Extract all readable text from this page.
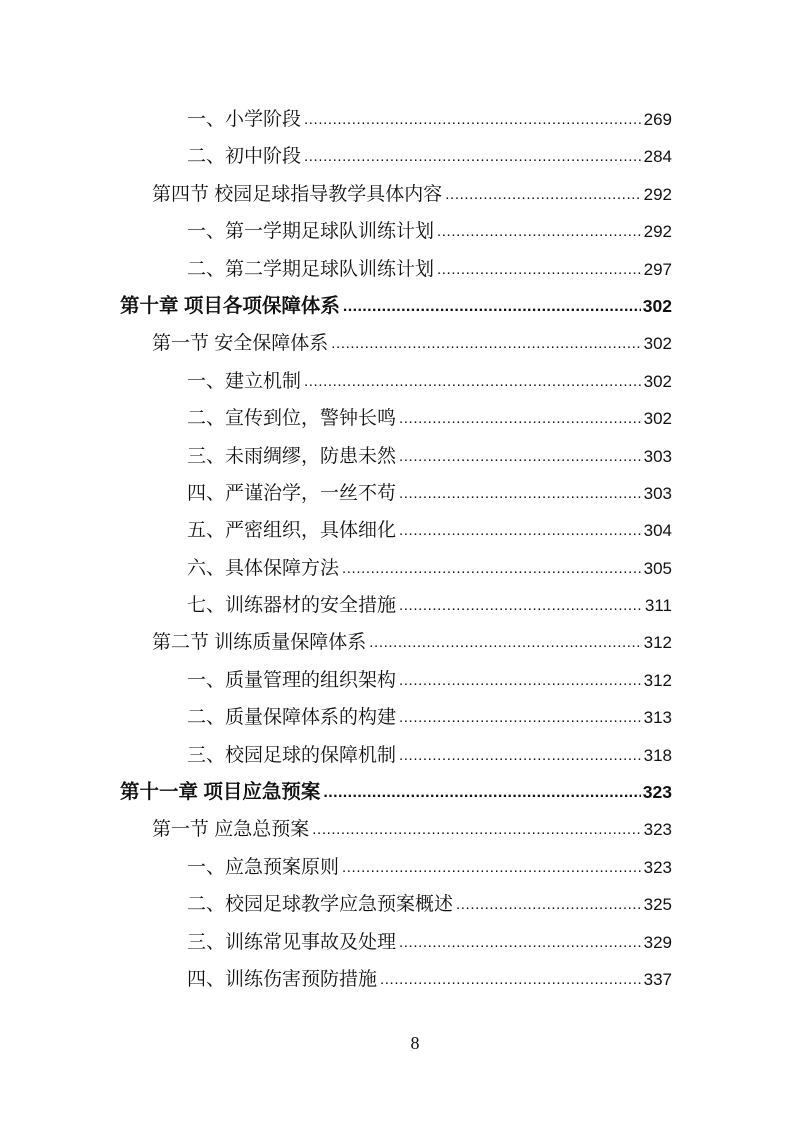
一、小学阶段 .....	269
二、初中阶段 .....	284
第四节 校园足球指导教学具体内容 .....	292
一、第一学期足球队训练计划 .....	292
二、第二学期足球队训练计划 .....	297
第十章 项目各项保障体系 .....	302
第一节 安全保障体系 .....	302
一、建立机制 .....	302
二、宣传到位，警钟长鸣 .....	302
三、未雨绸缪，防患未然 .....	303
四、严谨治学，一丝不苟 .....	303
五、严密组织，具体细化 .....	304
六、具体保障方法 .....	305
七、训练器材的安全措施 .....	311
第二节 训练质量保障体系 .....	312
一、质量管理的组织架构 .....	312
二、质量保障体系的构建 .....	313
三、校园足球的保障机制 .....	318
第十一章 项目应急预案 .....	323
第一节 应急总预案 .....	323
一、应急预案原则 .....	323
二、校园足球教学应急预案概述 .....	325
三、训练常见事故及处理 .....	329
四、训练伤害预防措施 .....	337
8
